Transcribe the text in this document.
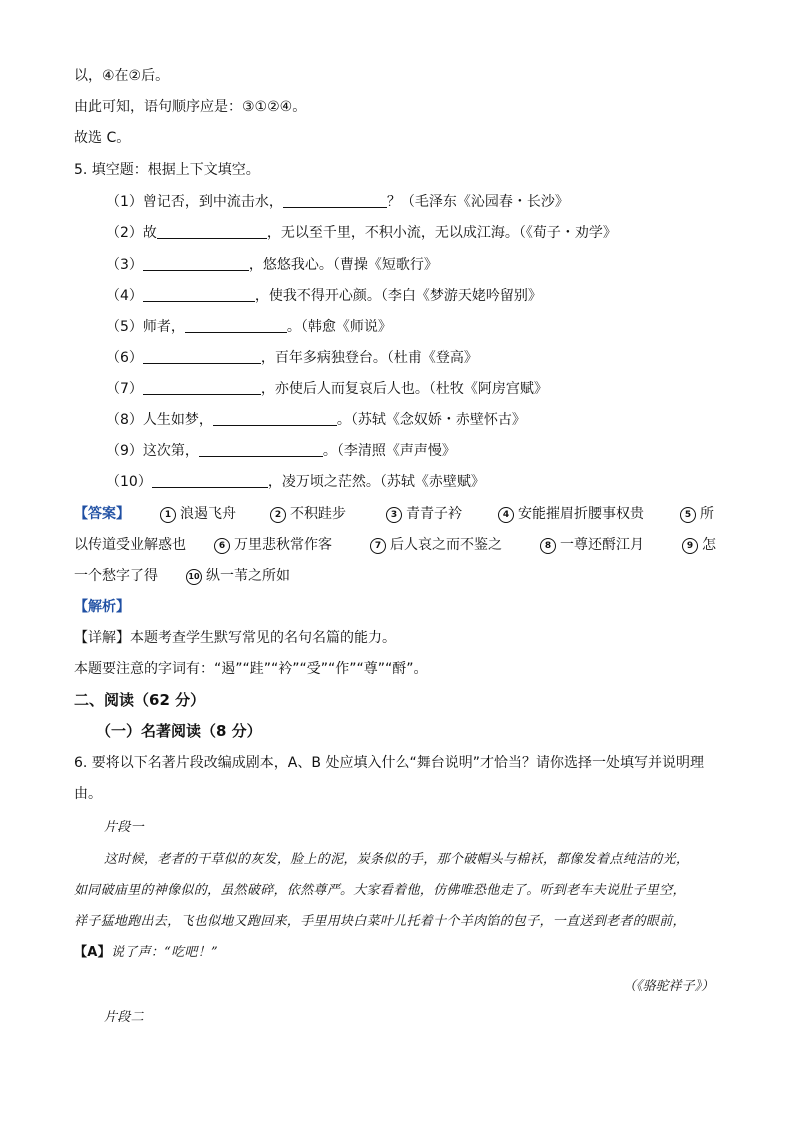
以，④在②后。
由此可知，语句顺序应是：③①②④。
故选 C。
5. 填空题：根据上下文填空。
（1）曾记否，到中流击水，	？（毛泽东《沁园春・长沙》
（2）故	，无以至千里，不积小流，无以成江海。（《荀子・劝学》
（3）	，悠悠我心。（曹操《短歌行》
（4）	，使我不得开心颜。（李白《梦游天姥吟留别》
（5）师者，	。（韩愈《师说》
（6）	，百年多病独登台。（杜甫《登高》
（7）	，亦使后人而复哀后人也。（杜牧《阿房宫赋》
（8）人生如梦，	。（苏轼《念奴娇・赤壁怀古》
（9）这次第，	。（李清照《声声慢》
（10）	，凌万顷之茫然。（苏轼《赤壁赋》
【答案】	1 浪遏飞舟	2 不积跬步	3 青青子衿	4 安能摧眉折腰事权贵	5 所
以传道受业解惑也	6 万里悲秋常作客	7 后人哀之而不鉴之	8 一尊还酹江月	9 怎
一个愁字了得	10 纵一苇之所如
【解析】
【详解】本题考查学生默写常见的名句名篇的能力。
本题要注意的字词有：“遏”“跬”“衿”“受”“作”“尊”“酹”。
二、阅读（62 分）
（一）名著阅读（8 分）
6. 要将以下名著片段改编成剧本，A、B 处应填入什么“舞台说明”才恰当？请你选择一处填写并说明理
由。
片段一
这时候，老者的干草似的灰发，脸上的泥，炭条似的手，那个破帽头与棉袄，都像发着点纯洁的光，
如同破庙里的神像似的，虽然破碎，依然尊严。大家看着他，仿佛唯恐他走了。听到老车夫说肚子里空，
祥子猛地跑出去，飞也似地又跑回来，手里用块白菜叶儿托着十个羊肉馅的包子，一直送到老者的眼前，
【A】说了声：“吃吧！”
（《骆驼祥子》）
片段二
